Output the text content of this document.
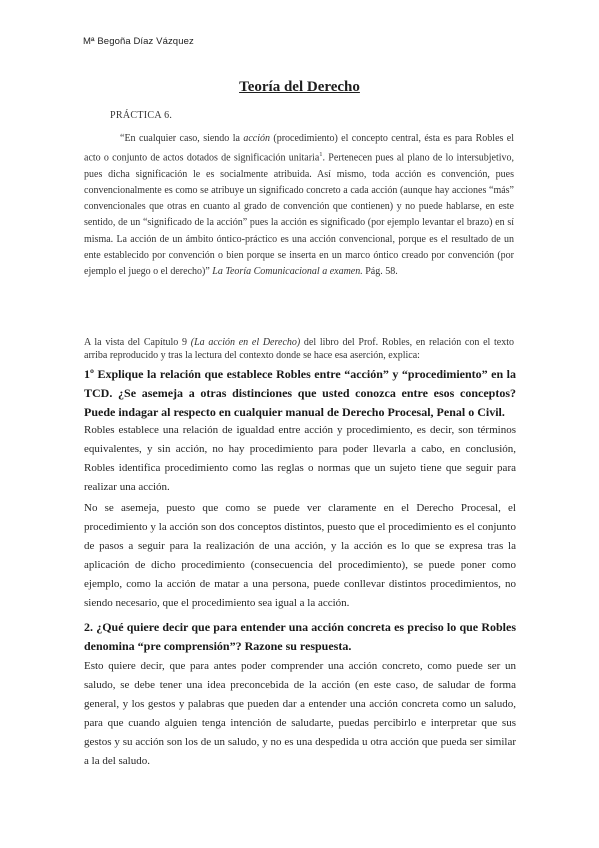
Mª Begoña Díaz Vázquez
Teoría del Derecho
PRÁCTICA 6.

“En cualquier caso, siendo la acción (procedimiento) el concepto central, ésta es para Robles el acto o conjunto de actos dotados de significación unitaria$^1$. Pertenecen pues al plano de lo intersubjetivo, pues dicha significación le es socialmente atribuida. Así mismo, toda acción es convención, pues convencionalmente es como se atribuye un significado concreto a cada acción (aunque hay acciones “más” convencionales que otras en cuanto al grado de convención que contienen) y no puede hablarse, en este sentido, de un “significado de la acción” pues la acción es significado (por ejemplo levantar el brazo) en sí misma. La acción de un ámbito óntico-práctico es una acción convencional, porque es el resultado de un ente establecido por convención o bien porque se inserta en un marco óntico creado por convención (por ejemplo el juego o el derecho)” La Teoría Comunicacional a examen. Pág. 58.

A la vista del Capítulo 9 (La acción en el Derecho) del libro del Prof. Robles, en relación con el texto arriba reproducido y tras la lectura del contexto donde se hace esa aserción, explica:

1º Explique la relación que establece Robles entre “acción” y “procedimiento” en la TCD. ¿Se asemeja a otras distinciones que usted conozca entre esos conceptos? Puede indagar al respecto en cualquier manual de Derecho Procesal, Penal o Civil.

Robles establece una relación de igualdad entre acción y procedimiento, es decir, son términos equivalentes, y sin acción, no hay procedimiento para poder llevarla a cabo, en conclusión, Robles identifica procedimiento como las reglas o normas que un sujeto tiene que seguir para realizar una acción.

No se asemeja, puesto que como se puede ver claramente en el Derecho Procesal, el procedimiento y la acción son dos conceptos distintos, puesto que el procedimiento es el conjunto de pasos a seguir para la realización de una acción, y la acción es lo que se expresa tras la aplicación de dicho procedimiento (consecuencia del procedimiento), se puede poner como ejemplo, como la acción de matar a una persona, puede conllevar distintos procedimientos, no siendo necesario, que el procedimiento sea igual a la acción.

2. ¿Qué quiere decir que para entender una acción concreta es preciso lo que Robles denomina “pre comprensión”? Razone su respuesta.

Esto quiere decir, que para antes poder comprender una acción concreto, como puede ser un saludo, se debe tener una idea preconcebida de la acción (en este caso, de saludar de forma general, y los gestos y palabras que pueden dar a entender una acción concreta como un saludo, para que cuando alguien tenga intención de saludarte, puedas percibirlo e interpretar que sus gestos y su acción son los de un saludo, y no es una despedida u otra acción que pueda ser similar a la del saludo.
